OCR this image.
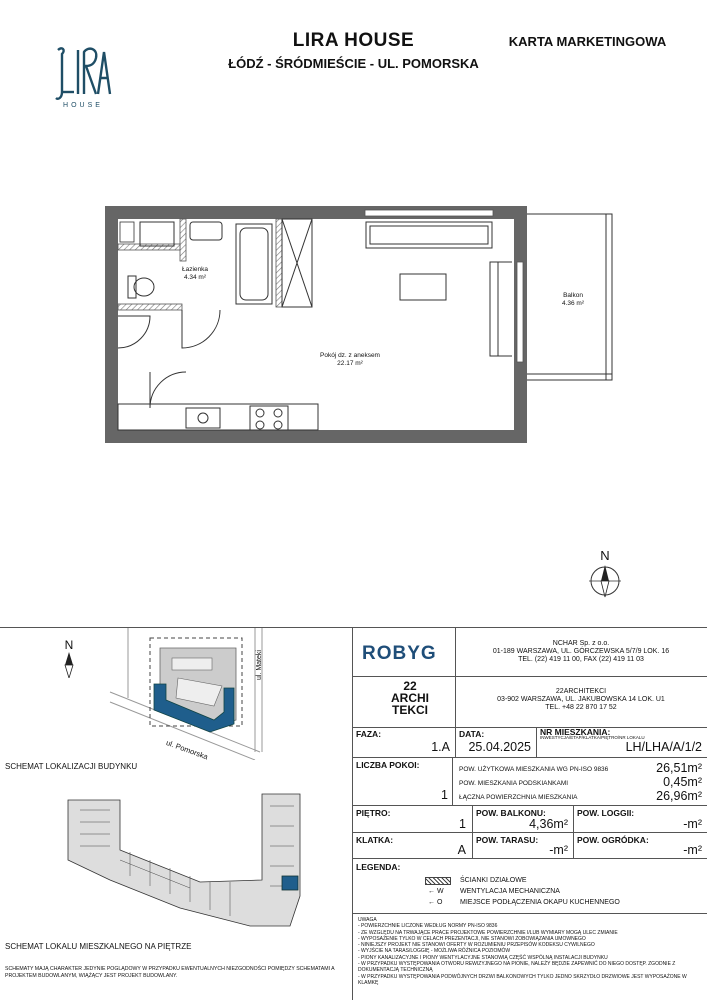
LIRA HOUSE
ŁÓDŹ - ŚRÓDMIEŚCIE - UL. POMORSKA
KARTA MARKETINGOWA
HOUSE
Łazienka
4.34 m²
Pokój dz. z aneksem
22.17 m²
Balkon
4.36 m²
N
N
ul. Mateki
ul. Pomorska
SCHEMAT LOKALIZACJI BUDYNKU
SCHEMAT LOKALU MIESZKALNEGO NA PIĘTRZE
SCHEMATY MAJĄ CHARAKTER JEDYNIE POGLĄDOWY W PRZYPADKU EWENTUALNYCH NIEZGODNOŚCI POMIĘDZY SCHEMATAMI A PROJEKTEM BUDOWLANYM, WIĄŻĄCY JEST PROJEKT BUDOWLANY.
ROBYG	NCHAR Sp. z o.o.
01-189 WARSZAWA, UL. GÓRCZEWSKA 5/7/9 LOK. 16
TEL. (22) 419 11 00, FAX (22) 419 11 03
22
ARCHI
TEKCI
22ARCHITEKCI
03-902 WARSZAWA, UL. JAKUBOWSKA 14 LOK. U1
TEL. +48 22 870 17 52
FAZA:
1.A
DATA:
25.04.2025
NR MIESZKANIA:
INWESTYCJA/ETAP/KLATKA/PIĘTRO/NR LOKALU
LH/LHA/A/1/2
LICZBA POKOI:
1
POW. UŻYTKOWA MIESZKANIA WG PN-ISO 9836	26,51m²
POW. MIESZKANIA PODSKIANKAMI	0,45m²
ŁĄCZNA POWIERZCHNIA MIESZKANIA	26,96m²
PIĘTRO:
1
POW. BALKONU:
4,36m²
POW. LOGGII:
-m²
KLATKA:
A
POW. TARASU:
-m²
POW. OGRÓDKA:
-m²
LEGENDA:
ŚCIANKI DZIAŁOWE
← W WENTYLACJA MECHANICZNA
← O	MIEJSCE PODŁĄCZENIA OKAPU KUCHENNEGO
UWAGA
- POWIERZCHNIE LICZONE WEDŁUG NORMY PN-ISO 9836
- ZE WZGLĘDU NA TRWAJĄCE PRACE PROJEKTOWE POWIERZCHNIE I/LUB WYMIARY MOGĄ ULEC ZMIANIE
- WYPOSAŻENIE TYLKO W CELACH PREZENTACJI, NIE STANOWI ZOBOWIĄZANIA UMOWNEGO
- NINIEJSZY PROJEKT NIE STANOWI OFERTY W ROZUMIENIU PRZEPISÓW KODEKSU CYWILNEGO
- WYJŚCIE NA TARAS/LOGGIĘ - MOŻLIWA RÓŻNICA POZIOMÓW
- PIONY KANALIZACYJNE I PIONY WENTYLACYJNE STANOWIĄ CZĘŚĆ WSPÓLNĄ INSTALACJI BUDYNKU
- W PRZYPADKU WYSTĘPOWANIA OTWORU REWIZYJNEGO NA PIONIE, NALEŻY BĘDZIE ZAPEWNIĆ DO NIEGO DOSTĘP. ZGODNIE Z DOKUMENTACJĄ TECHNICZNĄ
- W PRZYPADKU WYSTĘPOWANIA PODWÓJNYCH DRZWI BALKONOWYCH TYLKO JEDNO SKRZYDŁO DRZWIOWE JEST WYPOSAŻONE W KLAMKĘ
